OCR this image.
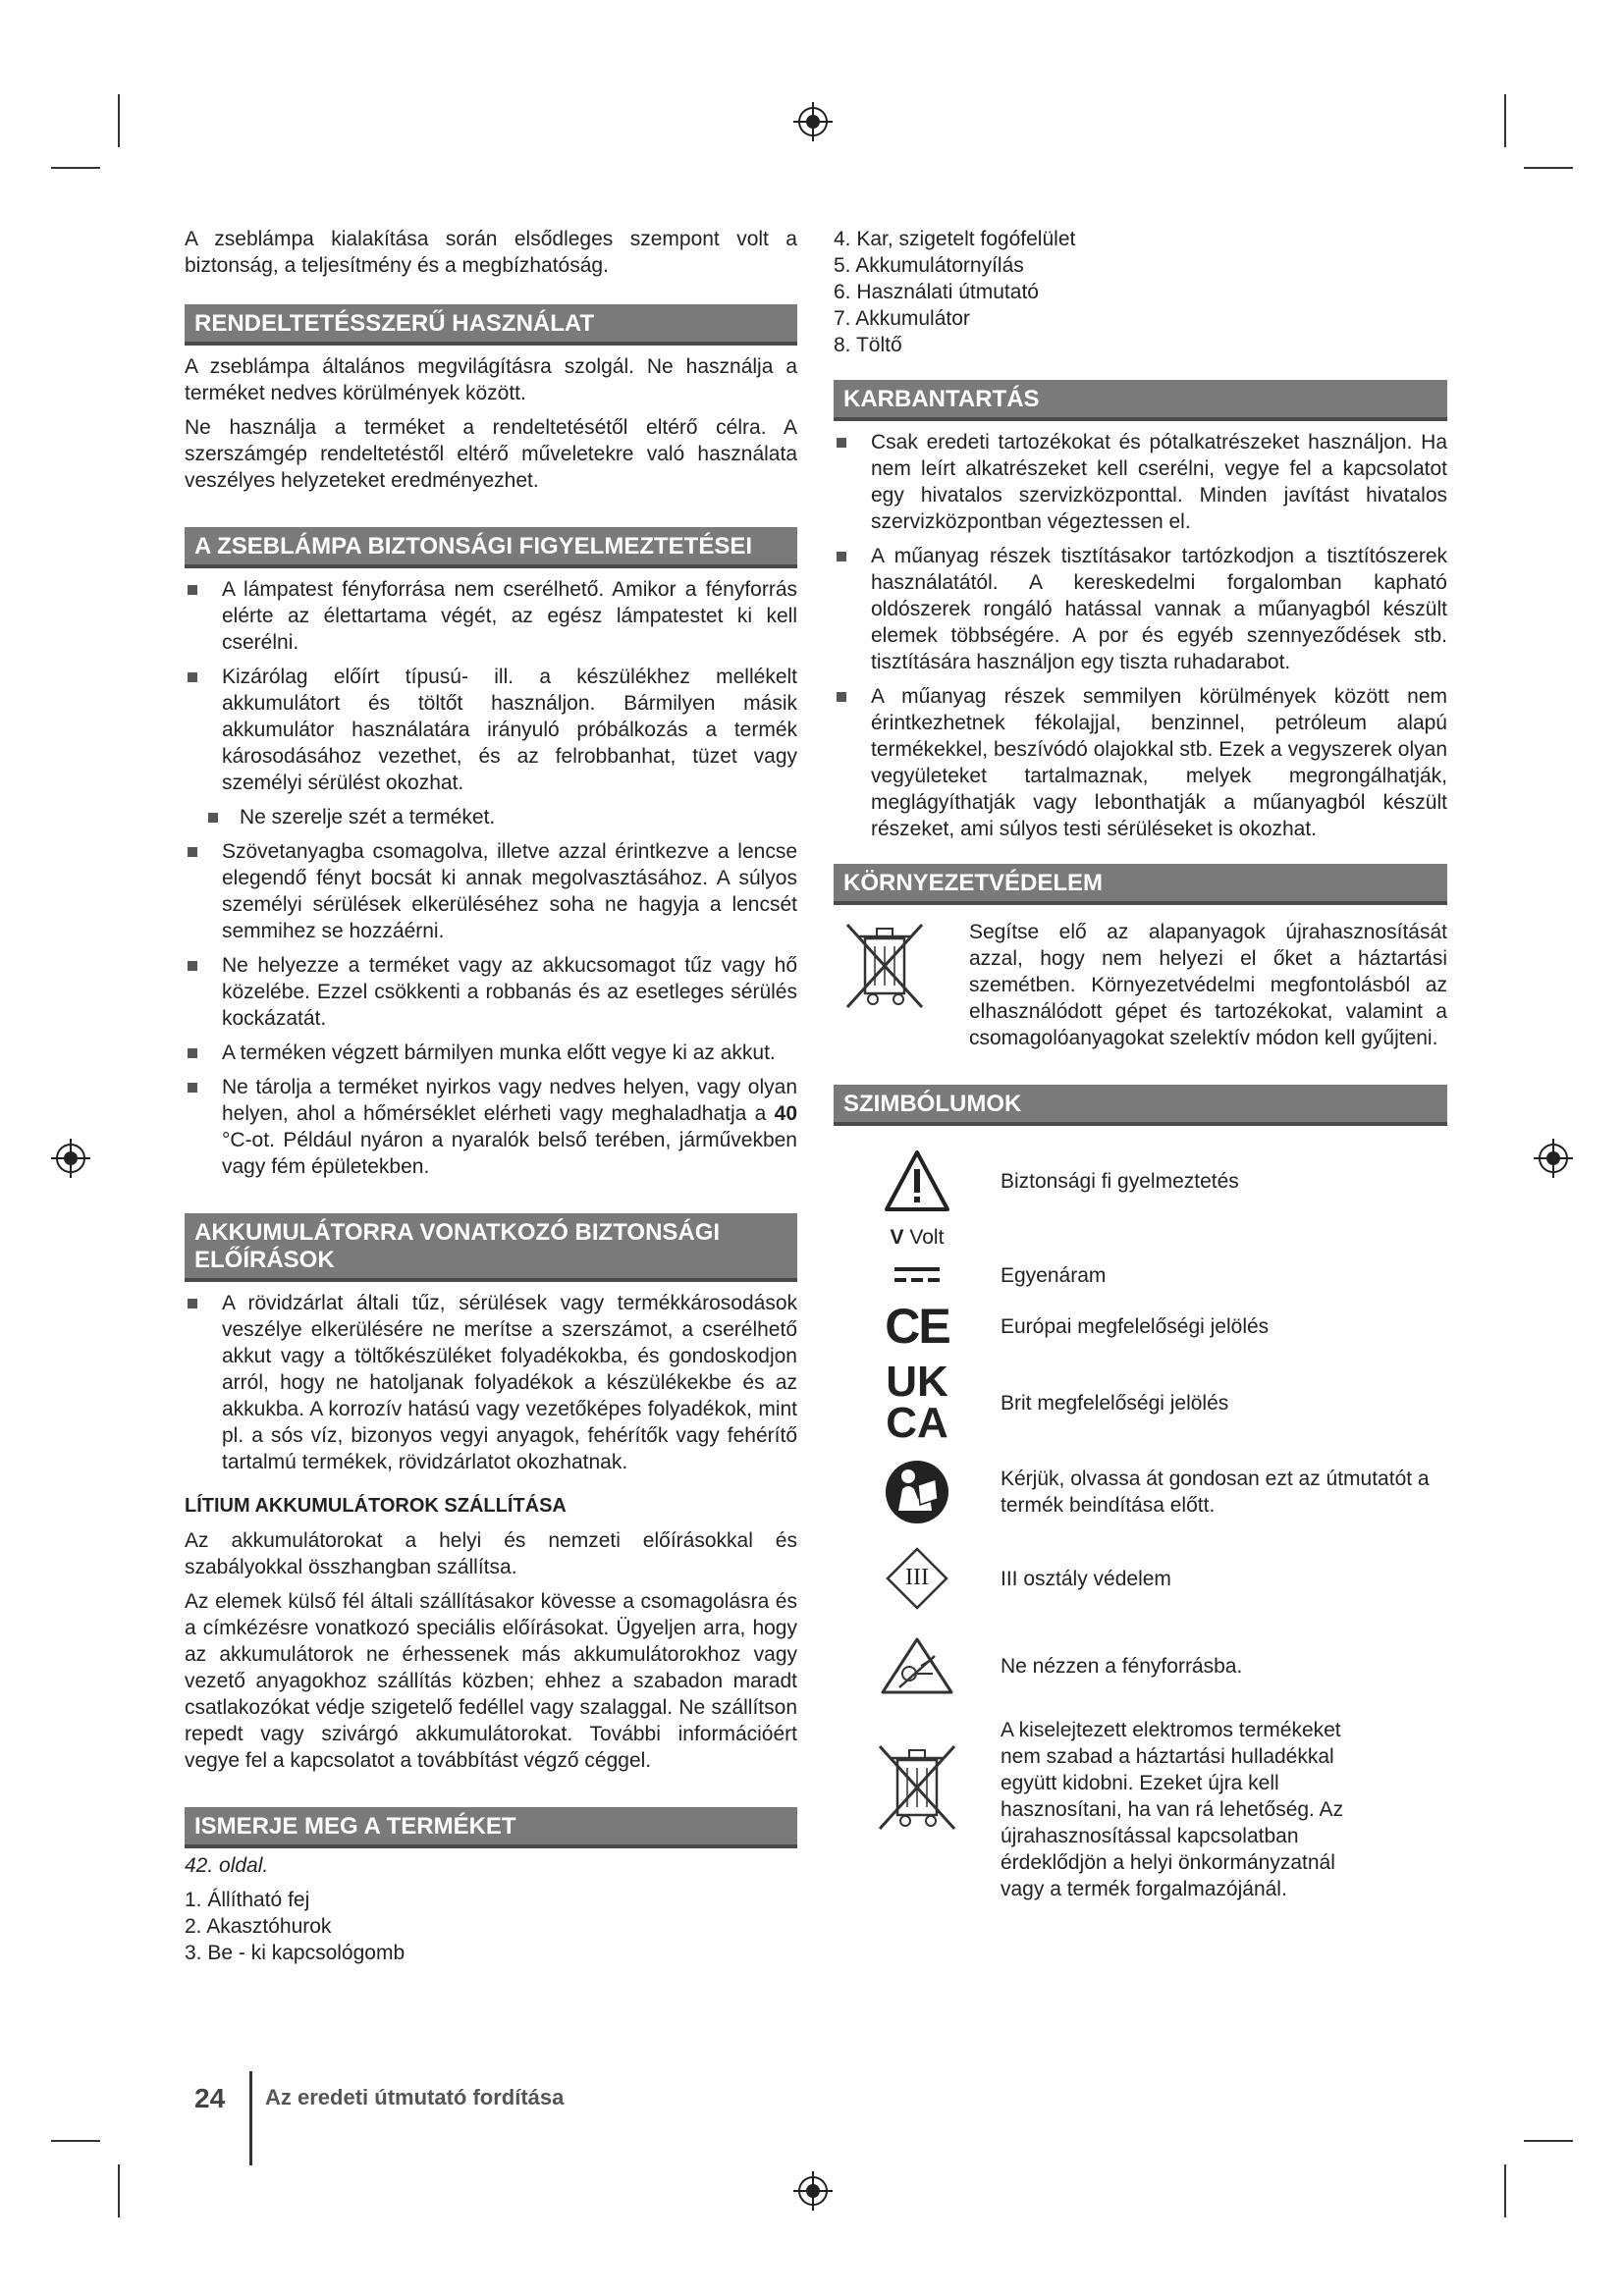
A zseblámpa kialakítása során elsődleges szempont volt a biztonság, a teljesítmény és a megbízhatóság.

RENDELTETÉSSZERŰ HASZNÁLAT

A zseblámpa általános megvilágításra szolgál. Ne használja a terméket nedves körülmények között.

Ne használja a terméket a rendeltetésétől eltérő célra. A szerszámgép rendeltetéstől eltérő műveletekre való használata veszélyes helyzeteket eredményezhet.

A ZSEBLÁMPA BIZTONSÁGI FIGYELMEZTETÉSEI
A lámpatest fényforrása nem cserélhető. Amikor a fényforrás elérte az élettartama végét, az egész lámpatestet ki kell cserélni.
Kizárólag előírt típusú- ill. a készülékhez mellékelt akkumulátort és töltőt használjon. Bármilyen másik akkumulátor használatára irányuló próbálkozás a termék károsodásához vezethet, és az felrobbanhat, tüzet vagy személyi sérülést okozhat.
Ne szerelje szét a terméket.
Szövetanyagba csomagolva, illetve azzal érintkezve a lencse elegendő fényt bocsát ki annak megolvasztásához. A súlyos személyi sérülések elkerüléséhez soha ne hagyja a lencsét semmihez se hozzáérni.
Ne helyezze a terméket vagy az akkucsomagot tűz vagy hő közelébe. Ezzel csökkenti a robbanás és az esetleges sérülés kockázatát.
A terméken végzett bármilyen munka előtt vegye ki az akkut.
Ne tárolja a terméket nyirkos vagy nedves helyen, vagy olyan helyen, ahol a hőmérséklet elérheti vagy meghaladhatja a 40 °C-ot. Például nyáron a nyaralók belső terében, járművekben vagy fém épületekben.
AKKUMULÁTORRA VONATKOZÓ BIZTONSÁGI ELŐÍRÁSOK
A rövidzárlat általi tűz, sérülések vagy termékkárosodások veszélye elkerülésére ne merítse a szerszámot, a cserélhető akkut vagy a töltőkészüléket folyadékokba, és gondoskodjon arról, hogy ne hatoljanak folyadékok a készülékekbe és az akkukba. A korrozív hatású vagy vezetőképes folyadékok, mint pl. a sós víz, bizonyos vegyi anyagok, fehérítők vagy fehérítő tartalmú termékek, rövidzárlatot okozhatnak.
LÍTIUM AKKUMULÁTOROK SZÁLLÍTÁSA

Az akkumulátorokat a helyi és nemzeti előírásokkal és szabályokkal összhangban szállítsa.

Az elemek külső fél általi szállításakor kövesse a csomagolásra és a címkézésre vonatkozó speciális előírásokat. Ügyeljen arra, hogy az akkumulátorok ne érhessenek más akkumulátorokhoz vagy vezető anyagokhoz szállítás közben; ehhez a szabadon maradt csatlakozókat védje szigetelő fedéllel vagy szalaggal. Ne szállítson repedt vagy szivárgó akkumulátorokat. További információért vegye fel a kapcsolatot a továbbítást végző céggel.

ISMERJE MEG A TERMÉKET
42. oldal.
1. Állítható fej
2. Akasztóhurok
3. Be - ki kapcsológomb
4. Kar, szigetelt fogófelület
5. Akkumulátornyílás
6. Használati útmutató
7. Akkumulátor
8. Töltő
KARBANTARTÁS
Csak eredeti tartozékokat és pótalkatrészeket használjon. Ha nem leírt alkatrészeket kell cserélni, vegye fel a kapcsolatot egy hivatalos szervizközponttal. Minden javítást hivatalos szervizközpontban végeztessen el.
A műanyag részek tisztításakor tartózkodjon a tisztítószerek használatától. A kereskedelmi forgalomban kapható oldószerek rongáló hatással vannak a műanyagból készült elemek többségére. A por és egyéb szennyeződések stb. tisztítására használjon egy tiszta ruhadarabot.
A műanyag részek semmilyen körülmények között nem érintkezhetnek fékolajjal, benzinnel, petróleum alapú termékekkel, beszívódó olajokkal stb. Ezek a vegyszerek olyan vegyületeket tartalmaznak, melyek megrongálhatják, meglágyíthatják vagy lebonthatják a műanyagból készült részeket, ami súlyos testi sérüléseket is okozhat.
KÖRNYEZETVÉDELEM
Segítse elő az alapanyagok újrahasznosítását azzal, hogy nem helyezi el őket a háztartási szemétben. Környezetvédelmi megfontolásból az elhasználódott gépet és tartozékokat, valamint a csomagolóanyagokat szelektív módon kell gyűjteni.
SZIMBÓLUMOK
Biztonsági fi gyelmeztetés
V Volt
Egyenáram
CE Európai megfelelőségi jelölés
UK
CA	Brit megfelelőségi jelölés
Kérjük, olvassa át gondosan ezt az útmutatót a termék beindítása előtt.
III	III osztály védelem
Ne nézzen a fényforrásba.
A kiselejtezett elektromos termékeket nem szabad a háztartási hulladékkal együtt kidobni. Ezeket újra kell hasznosítani, ha van rá lehetőség. Az újrahasznosítással kapcsolatban érdeklődjön a helyi önkormányzatnál vagy a termék forgalmazójánál.
24 Az eredeti útmutató fordítása
